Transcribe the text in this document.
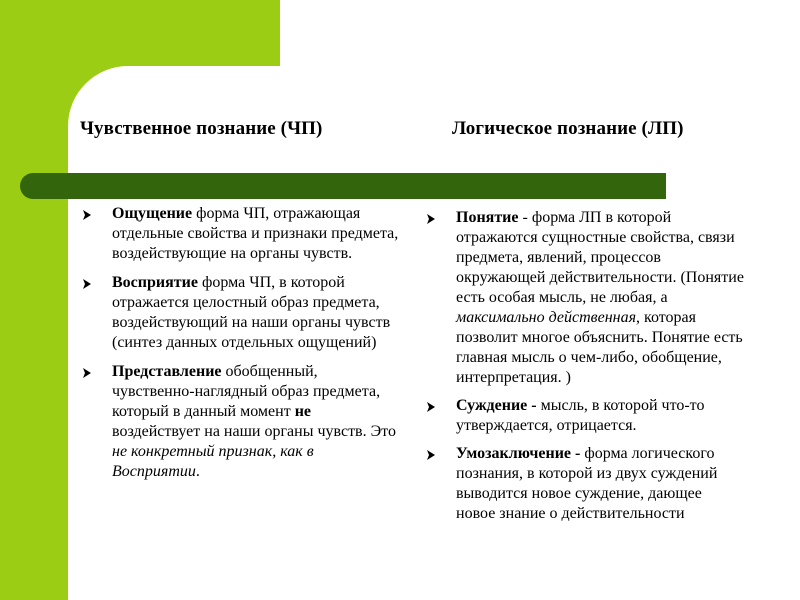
Чувственное познание (ЧП)	Логическое познание (ЛП)
Ощущение форма ЧП, отражающая отдельные свойства и признаки предмета, воздействующие на органы чувств.
Восприятие форма ЧП, в которой отражается целостный образ предмета, воздействующий на наши органы чувств (синтез данных отдельных ощущений)
Представление обобщенный, чувственно-наглядный образ предмета, который в данный момент не воздействует на наши органы чувств. Это не конкретный признак, как в Восприятии.
Понятие - форма ЛП в которой отражаются сущностные свойства, связи предмета, явлений, процессов окружающей действительности. (Понятие есть особая мысль, не любая, а максимально действенная, которая позволит многое объяснить. Понятие есть главная мысль о чем-либо, обобщение, интерпретация. )
Суждение - мысль, в которой что-то утверждается, отрицается.
Умозаключение - форма логического познания, в которой из двух суждений выводится новое суждение, дающее новое знание о действительности
